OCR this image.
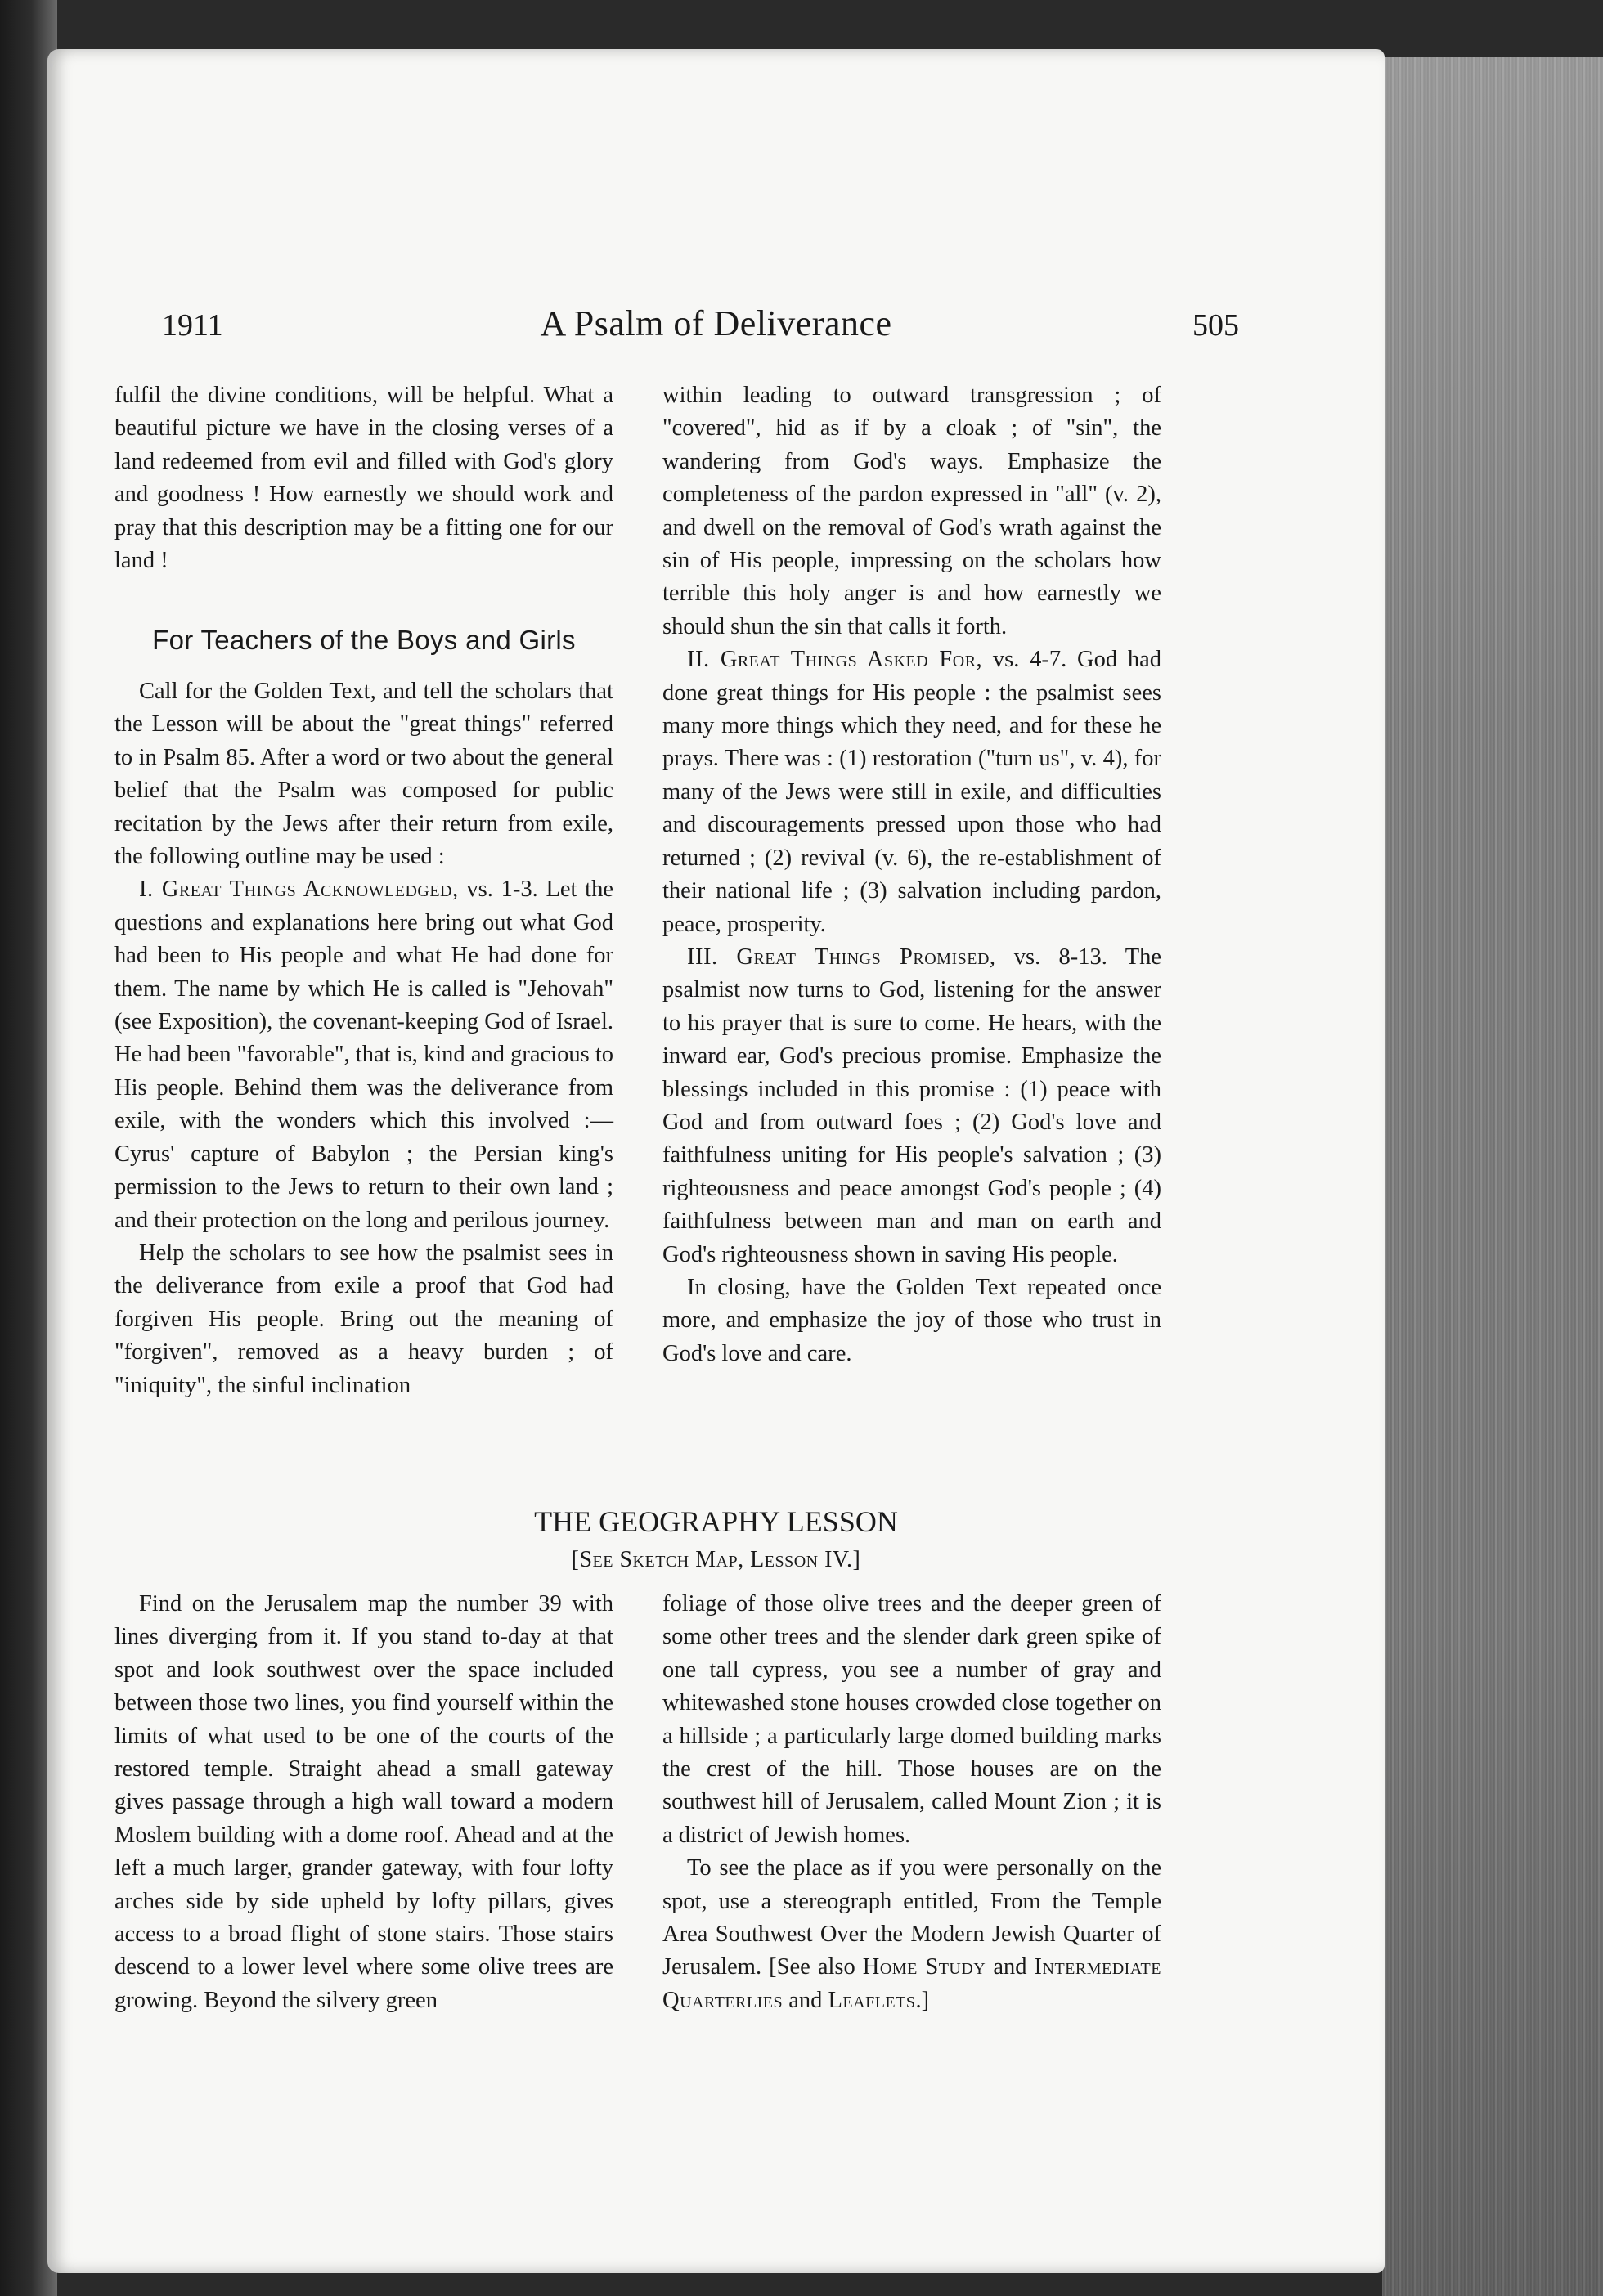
1911	A Psalm of Deliverance	505

fulfil the divine conditions, will be helpful. What a beautiful picture we have in the closing verses of a land redeemed from evil and filled with God's glory and goodness ! How earnestly we should work and pray that this description may be a fitting one for our land !

For Teachers of the Boys and Girls

Call for the Golden Text, and tell the scholars that the Lesson will be about the "great things" referred to in Psalm 85. After a word or two about the general belief that the Psalm was composed for public recitation by the Jews after their return from exile, the following outline may be used :

I. Great Things Acknowledged, vs. 1-3. Let the questions and explanations here bring out what God had been to His people and what He had done for them. The name by which He is called is "Jehovah" (see Exposition), the covenant-keeping God of Israel. He had been "favorable", that is, kind and gracious to His people. Behind them was the deliverance from exile, with the wonders which this involved :—Cyrus' capture of Babylon ; the Persian king's permission to the Jews to return to their own land ; and their protection on the long and perilous journey.

Help the scholars to see how the psalmist sees in the deliverance from exile a proof that God had forgiven His people. Bring out the meaning of "forgiven", removed as a heavy burden ; of "iniquity", the sinful inclination

within leading to outward transgression ; of "covered", hid as if by a cloak ; of "sin", the wandering from God's ways. Emphasize the completeness of the pardon expressed in "all" (v. 2), and dwell on the removal of God's wrath against the sin of His people, impressing on the scholars how terrible this holy anger is and how earnestly we should shun the sin that calls it forth.

II. Great Things Asked For, vs. 4-7. God had done great things for His people : the psalmist sees many more things which they need, and for these he prays. There was : (1) restoration ("turn us", v. 4), for many of the Jews were still in exile, and difficulties and discouragements pressed upon those who had returned ; (2) revival (v. 6), the re-establishment of their national life ; (3) salvation including pardon, peace, prosperity.

III. Great Things Promised, vs. 8-13. The psalmist now turns to God, listening for the answer to his prayer that is sure to come. He hears, with the inward ear, God's precious promise. Emphasize the blessings included in this promise : (1) peace with God and from outward foes ; (2) God's love and faithfulness uniting for His people's salvation ; (3) righteousness and peace amongst God's people ; (4) faithfulness between man and man on earth and God's righteousness shown in saving His people.

In closing, have the Golden Text repeated once more, and emphasize the joy of those who trust in God's love and care.

THE GEOGRAPHY LESSON
[See Sketch Map, Lesson IV.]

Find on the Jerusalem map the number 39 with lines diverging from it. If you stand to-day at that spot and look southwest over the space included between those two lines, you find yourself within the limits of what used to be one of the courts of the restored temple. Straight ahead a small gateway gives passage through a high wall toward a modern Moslem building with a dome roof. Ahead and at the left a much larger, grander gateway, with four lofty arches side by side upheld by lofty pillars, gives access to a broad flight of stone stairs. Those stairs descend to a lower level where some olive trees are growing. Beyond the silvery green

foliage of those olive trees and the deeper green of some other trees and the slender dark green spike of one tall cypress, you see a number of gray and whitewashed stone houses crowded close together on a hillside ; a particularly large domed building marks the crest of the hill. Those houses are on the southwest hill of Jerusalem, called Mount Zion ; it is a district of Jewish homes.

To see the place as if you were personally on the spot, use a stereograph entitled, From the Temple Area Southwest Over the Modern Jewish Quarter of Jerusalem. [See also Home Study and Intermediate Quarterlies and Leaflets.]
